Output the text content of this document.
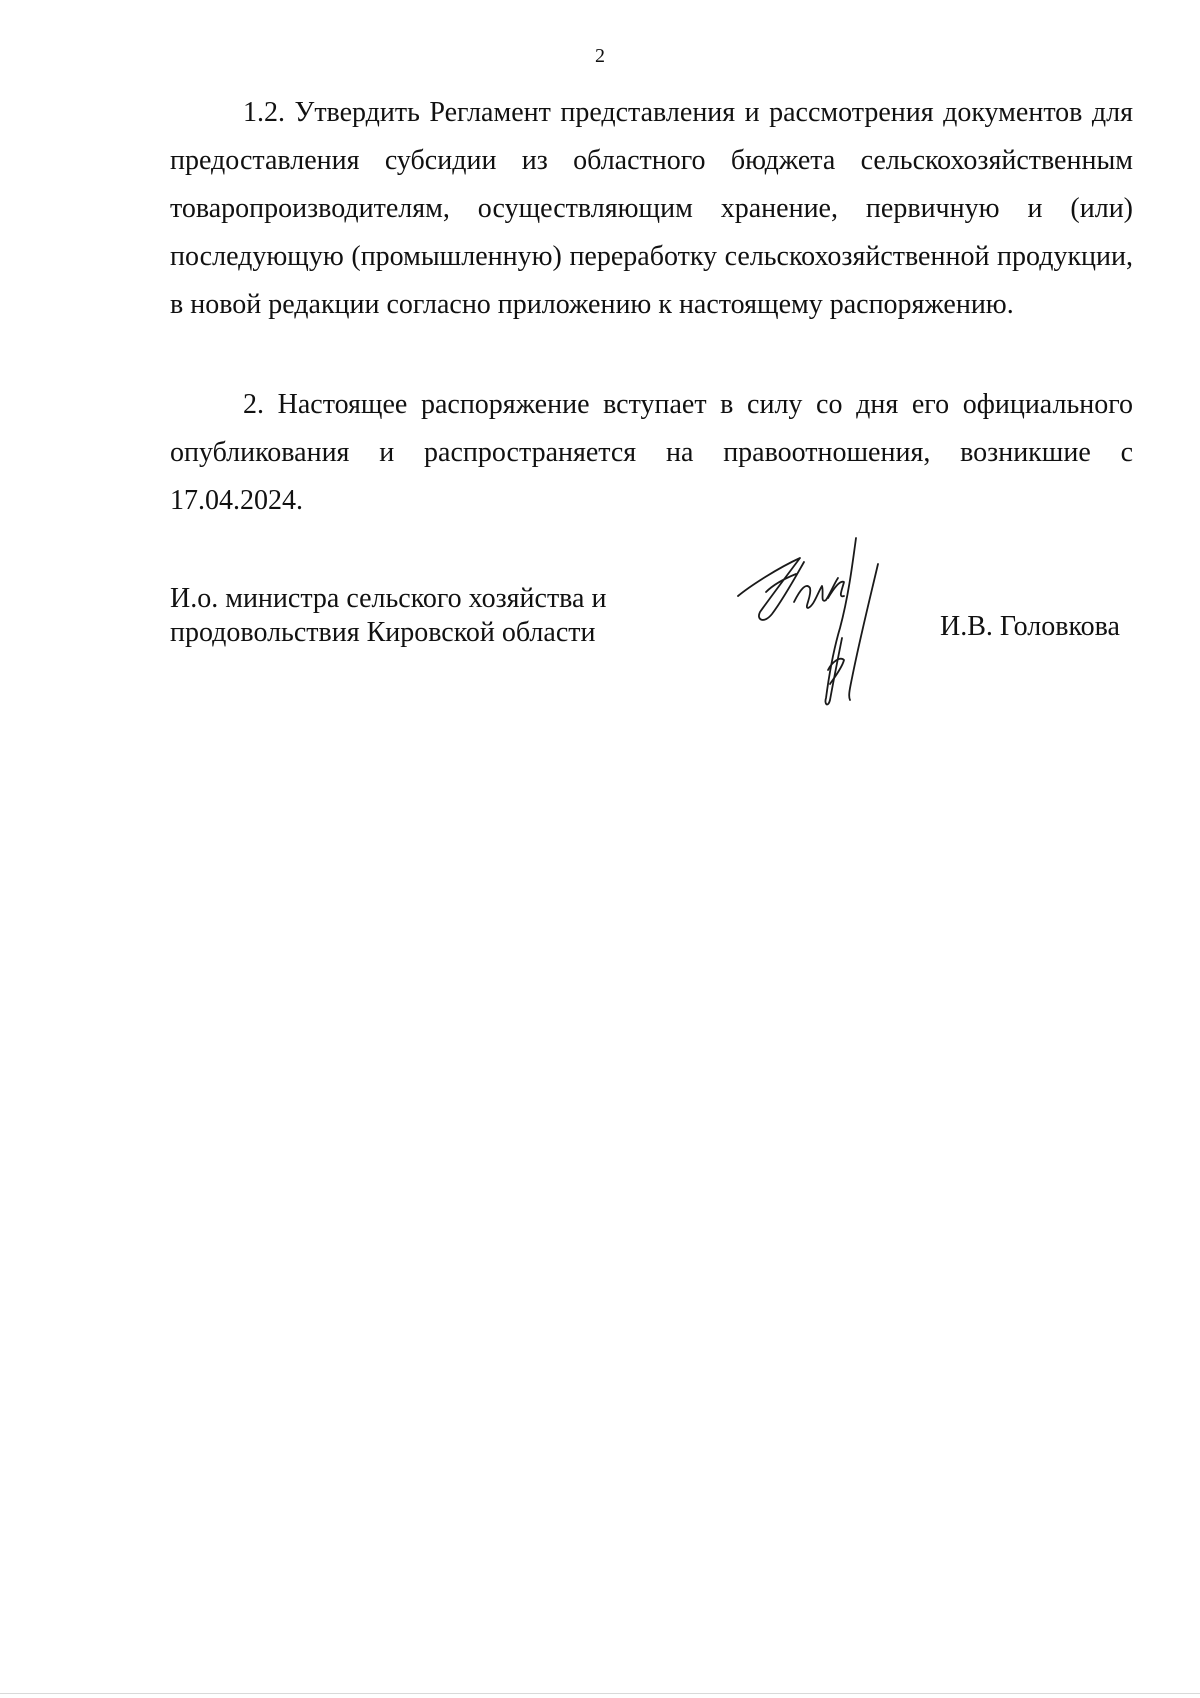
2

1.2. Утвердить Регламент представления и рассмотрения документов для предоставления субсидии из областного бюджета сельскохозяйственным товаропроизводителям, осуществляющим хранение, первичную и (или) последующую (промышленную) переработку сельскохозяйственной продукции, в новой редакции согласно приложению к настоящему распоряжению.

2. Настоящее распоряжение вступает в силу со дня его официального опубликования и распространяется на правоотношения, возникшие с 17.04.2024.

И.о. министра сельского хозяйства и
продовольствия Кировской области	И.В. Головкова
